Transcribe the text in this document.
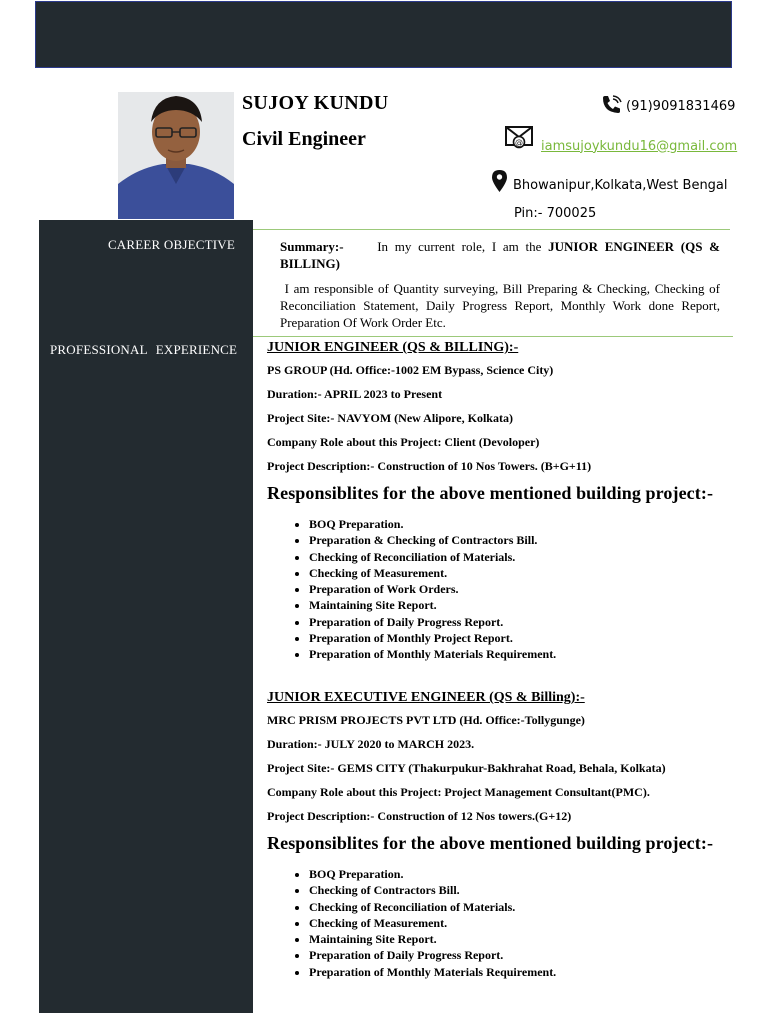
SUJOY KUNDU
Civil Engineer
(91)9091831469
@ iamsujoykundu16@gmail.com
Bhowanipur,Kolkata,West Bengal
Pin:- 700025
CAREER OBJECTIVE
PROFESSIONAL EXPERIENCE
Summary:-	In my current role, I am the JUNIOR ENGINEER (QS & BILLING)
I am responsible of Quantity surveying, Bill Preparing & Checking, Checking of Reconciliation Statement, Daily Progress Report, Monthly Work done Report, Preparation Of Work Order Etc.
JUNIOR ENGINEER (QS & BILLING):-
PS GROUP (Hd. Office:-1002 EM Bypass, Science City)
Duration:- APRIL 2023 to Present
Project Site:- NAVYOM (New Alipore, Kolkata)
Company Role about this Project: Client (Devoloper)
Project Description:- Construction of 10 Nos Towers. (B+G+11)
Responsiblites for the above mentioned building project:-
• BOQ Preparation.
• Preparation & Checking of Contractors Bill.
• Checking of Reconciliation of Materials.
• Checking of Measurement.
• Preparation of Work Orders.
• Maintaining Site Report.
• Preparation of Daily Progress Report.
• Preparation of Monthly Project Report.
• Preparation of Monthly Materials Requirement.
JUNIOR EXECUTIVE ENGINEER (QS & Billing):-
MRC PRISM PROJECTS PVT LTD (Hd. Office:-Tollygunge)
Duration:- JULY 2020 to MARCH 2023.
Project Site:- GEMS CITY (Thakurpukur-Bakhrahat Road, Behala, Kolkata)
Company Role about this Project: Project Management Consultant(PMC).
Project Description:- Construction of 12 Nos towers.(G+12)
Responsiblites for the above mentioned building project:-
• BOQ Preparation.
• Checking of Contractors Bill.
• Checking of Reconciliation of Materials.
• Checking of Measurement.
• Maintaining Site Report.
• Preparation of Daily Progress Report.
• Preparation of Monthly Materials Requirement.
